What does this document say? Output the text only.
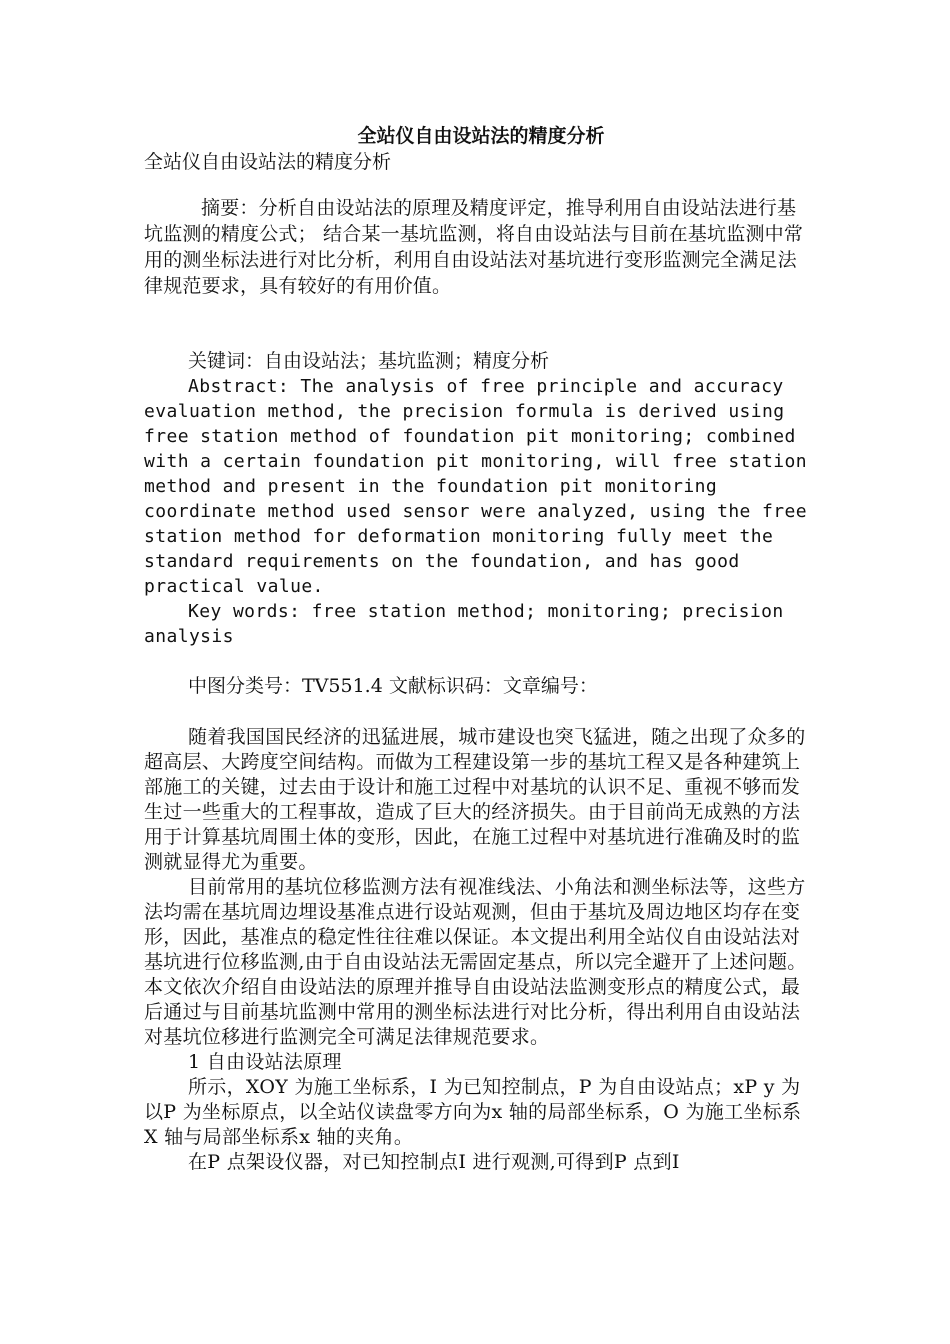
全站仪自由设站法的精度分析

全站仪自由设站法的精度分析

摘要：分析自由设站法的原理及精度评定，推导利用自由设站法进行基坑监测的精度公式； 结合某一基坑监测，将自由设站法与目前在基坑监测中常用的测坐标法进行对比分析，利用自由设站法对基坑进行变形监测完全满足法律规范要求，具有较好的有用价值。

关键词：自由设站法；基坑监测；精度分析

Abstract: The analysis of free principle and accuracy evaluation method, the precision formula is derived using free station method of foundation pit monitoring; combined with a certain foundation pit monitoring, will free station method and present in the foundation pit monitoring coordinate method used sensor were analyzed, using the free station method for deformation monitoring fully meet the standard requirements on the foundation, and has good practical value.

Key words: free station method; monitoring; precision analysis

中图分类号：TV551.4 文献标识码：文章编号：

随着我国国民经济的迅猛进展，城市建设也突飞猛进，随之出现了众多的超高层、大跨度空间结构。而做为工程建设第一步的基坑工程又是各种建筑上部施工的关键，过去由于设计和施工过程中对基坑的认识不足、重视不够而发生过一些重大的工程事故，造成了巨大的经济损失。由于目前尚无成熟的方法用于计算基坑周围土体的变形，因此，在施工过程中对基坑进行准确及时的监测就显得尤为重要。

目前常用的基坑位移监测方法有视准线法、小角法和测坐标法等，这些方法均需在基坑周边埋设基准点进行设站观测，但由于基坑及周边地区均存在变形，因此，基准点的稳定性往往难以保证。本文提出利用全站仪自由设站法对基坑进行位移监测,由于自由设站法无需固定基点，所以完全避开了上述问题。本文依次介绍自由设站法的原理并推导自由设站法监测变形点的精度公式，最后通过与目前基坑监测中常用的测坐标法进行对比分析，得出利用自由设站法对基坑位移进行监测完全可满足法律规范要求。

1 自由设站法原理

所示，XOY 为施工坐标系，I 为已知控制点，P 为自由设站点；xP y 为以P 为坐标原点，以全站仪读盘零方向为x 轴的局部坐标系，O 为施工坐标系X 轴与局部坐标系x 轴的夹角。

在P 点架设仪器，对已知控制点I 进行观测,可得到P 点到I
